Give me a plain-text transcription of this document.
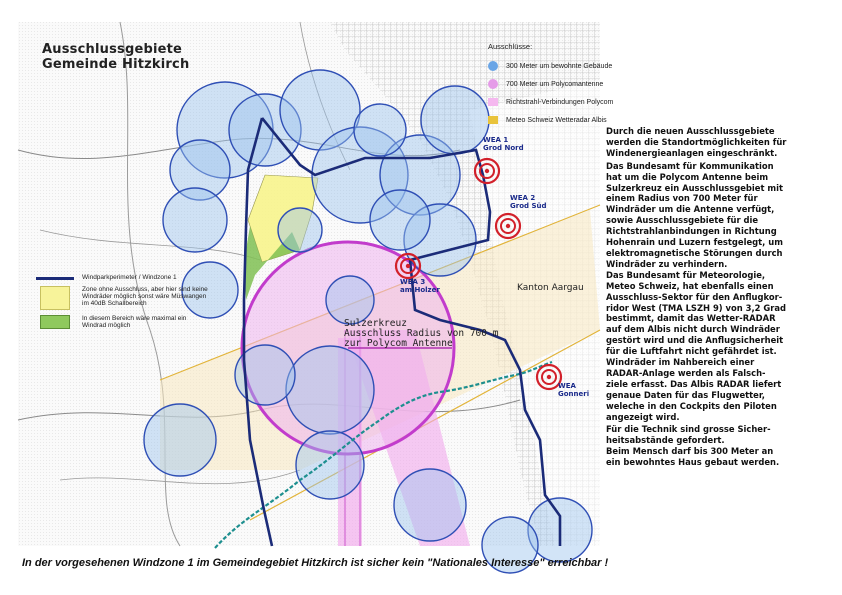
Ausschlussgebiete
Gemeinde Hitzkirch
Ausschlüsse:
300 Meter um bewohnte Gebäude
700 Meter um Polycomantenne
Richtstrahl-Verbindungen Polycom
Meteo Schweiz Wetteradar Albis
Windparkperimeter / Windzone 1
Zone ohne Ausschluss, aber hier sind keine Windräder möglich sonst wäre Müswangen im 40dB Schallbereich
In diesem Bereich wäre maximal ein Windrad möglich
WEA 1
Grod Nord
WEA 2
Grod Süd
WEA 3
am Holzer
WEA
Gonneri
Kanton Aargau
Sulzerkreuz
Ausschluss Radius von 700 m
zur Polycom Antenne

Durch die neuen Ausschlussgebiete
werden die Standortmöglichkeiten für
Windenergieanlagen eingeschränkt.

Das Bundesamt für Kommunikation
hat um die Polycom Antenne beim
Sulzerkreuz ein Ausschlussgebiet mit
einem Radius von 700 Meter für
Windräder um die Antenne verfügt,
sowie Ausschlussgebiete für die
Richtstrahlanbindungen in Richtung
Hohenrain und Luzern festgelegt, um
elektromagnetische Störungen durch
Windräder zu verhindern.
Das Bundesamt für Meteorologie,
Meteo Schweiz, hat ebenfalls einen
Ausschluss-Sektor für den Anflugkor-
ridor West (TMA LSZH 9) von 3,2 Grad
bestimmt, damit das Wetter-RADAR
auf dem Albis nicht durch Windräder
gestört wird und die Anflugsicherheit
für die Luftfahrt nicht gefährdet ist.
Windräder im Nahbereich einer
RADAR-Anlage werden als Falsch-
ziele erfasst. Das Albis RADAR liefert
genaue Daten für das Flugwetter,
weleche in den Cockpits den Piloten
angezeigt wird.

Für die Technik sind grosse Sicher-
heitsabstände gefordert.
Beim Mensch darf bis 300 Meter an
ein bewohntes Haus gebaut werden.

In der vorgesehenen Windzone 1 im Gemeindegebiet Hitzkirch ist sicher kein "Nationales Interesse" erreichbar !
